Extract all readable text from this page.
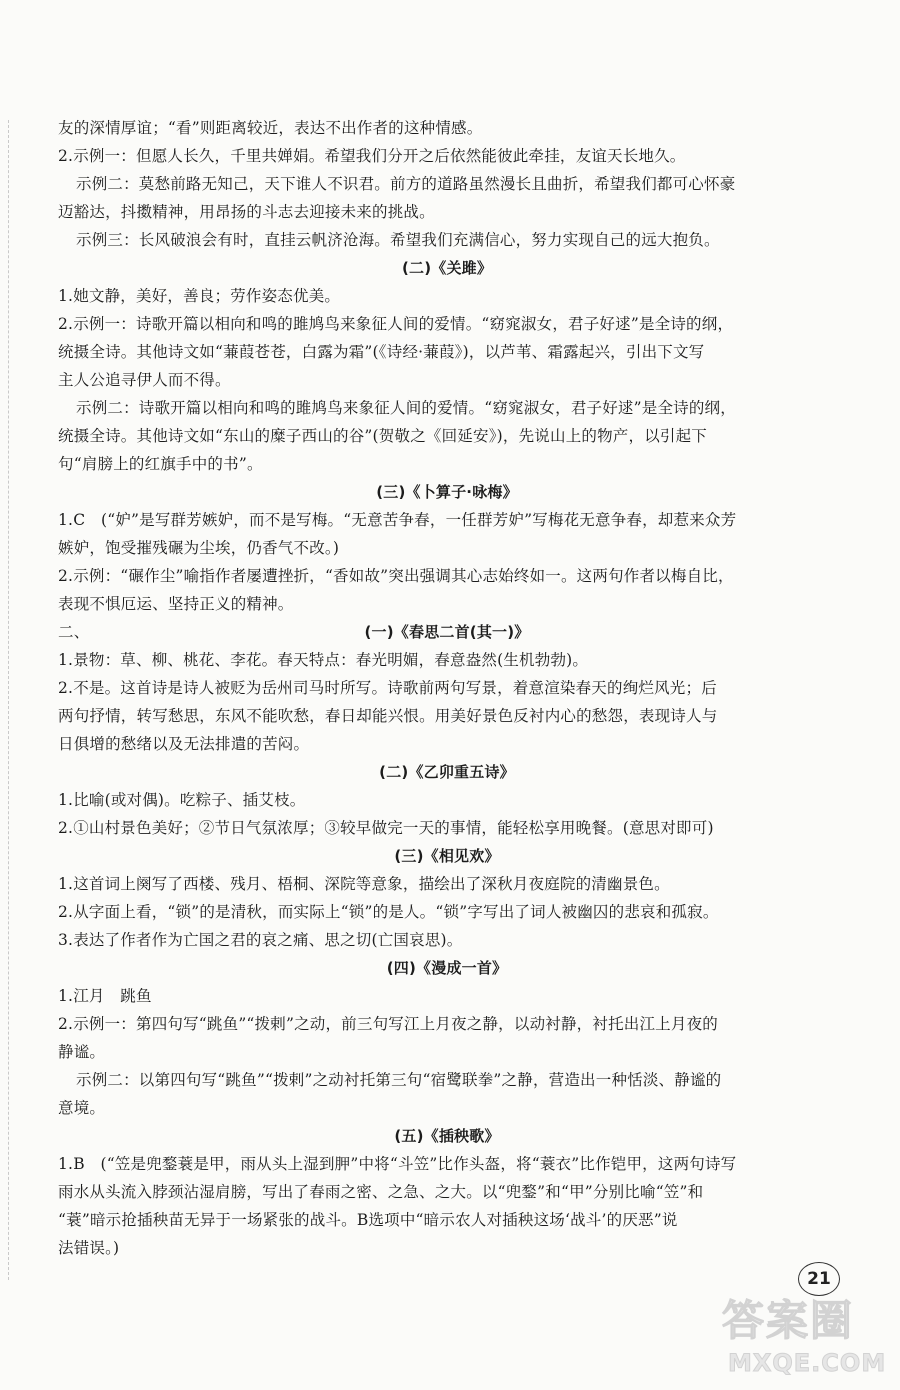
友的深情厚谊；“看”则距离较近，表达不出作者的这种情感。

2.示例一：但愿人长久，千里共婵娟。希望我们分开之后依然能彼此牵挂，友谊天长地久。

示例二：莫愁前路无知己，天下谁人不识君。前方的道路虽然漫长且曲折，希望我们都可心怀豪

迈豁达，抖擞精神，用昂扬的斗志去迎接未来的挑战。

示例三：长风破浪会有时，直挂云帆济沧海。希望我们充满信心，努力实现自己的远大抱负。

(二)《关雎》

1.她文静，美好，善良；劳作姿态优美。

2.示例一：诗歌开篇以相向和鸣的雎鸠鸟来象征人间的爱情。“窈窕淑女，君子好逑”是全诗的纲，

统摄全诗。其他诗文如“蒹葭苍苍，白露为霜”(《诗经·蒹葭》)，以芦苇、霜露起兴，引出下文写

主人公追寻伊人而不得。

示例二：诗歌开篇以相向和鸣的雎鸠鸟来象征人间的爱情。“窈窕淑女，君子好逑”是全诗的纲，

统摄全诗。其他诗文如“东山的糜子西山的谷”(贺敬之《回延安》)，先说山上的物产，以引起下

句“肩膀上的红旗手中的书”。

(三)《卜算子·咏梅》

1.C　(“妒”是写群芳嫉妒，而不是写梅。“无意苦争春，一任群芳妒”写梅花无意争春，却惹来众芳

嫉妒，饱受摧残碾为尘埃，仍香气不改。)

2.示例：“碾作尘”喻指作者屡遭挫折，“香如故”突出强调其心志始终如一。这两句作者以梅自比，

表现不惧厄运、坚持正义的精神。

二、	(一)《春思二首(其一)》

1.景物：草、柳、桃花、李花。春天特点：春光明媚，春意盎然(生机勃勃)。

2.不是。这首诗是诗人被贬为岳州司马时所写。诗歌前两句写景，着意渲染春天的绚烂风光；后

两句抒情，转写愁思，东风不能吹愁，春日却能兴恨。用美好景色反衬内心的愁怨，表现诗人与

日俱增的愁绪以及无法排遣的苦闷。

(二)《乙卯重五诗》

1.比喻(或对偶)。吃粽子、插艾枝。

2.①山村景色美好；②节日气氛浓厚；③较早做完一天的事情，能轻松享用晚餐。(意思对即可)

(三)《相见欢》

1.这首词上阕写了西楼、残月、梧桐、深院等意象，描绘出了深秋月夜庭院的清幽景色。

2.从字面上看，“锁”的是清秋，而实际上“锁”的是人。“锁”字写出了词人被幽囚的悲哀和孤寂。

3.表达了作者作为亡国之君的哀之痛、思之切(亡国哀思)。

(四)《漫成一首》

1.江月　跳鱼

2.示例一：第四句写“跳鱼”“拨剌”之动，前三句写江上月夜之静，以动衬静，衬托出江上月夜的

静谧。

示例二：以第四句写“跳鱼”“拨剌”之动衬托第三句“宿鹭联拳”之静，营造出一种恬淡、静谧的

意境。

(五)《插秧歌》

1.B　(“笠是兜鍪蓑是甲，雨从头上湿到胛”中将“斗笠”比作头盔，将“蓑衣”比作铠甲，这两句诗写

雨水从头流入脖颈沾湿肩膀，写出了春雨之密、之急、之大。以“兜鍪”和“甲”分别比喻“笠”和

“蓑”暗示抢插秧苗无异于一场紧张的战斗。B选项中“暗示农人对插秧这场‘战斗’的厌恶”说

法错误。)

21
答案圈
MXQE.COM
